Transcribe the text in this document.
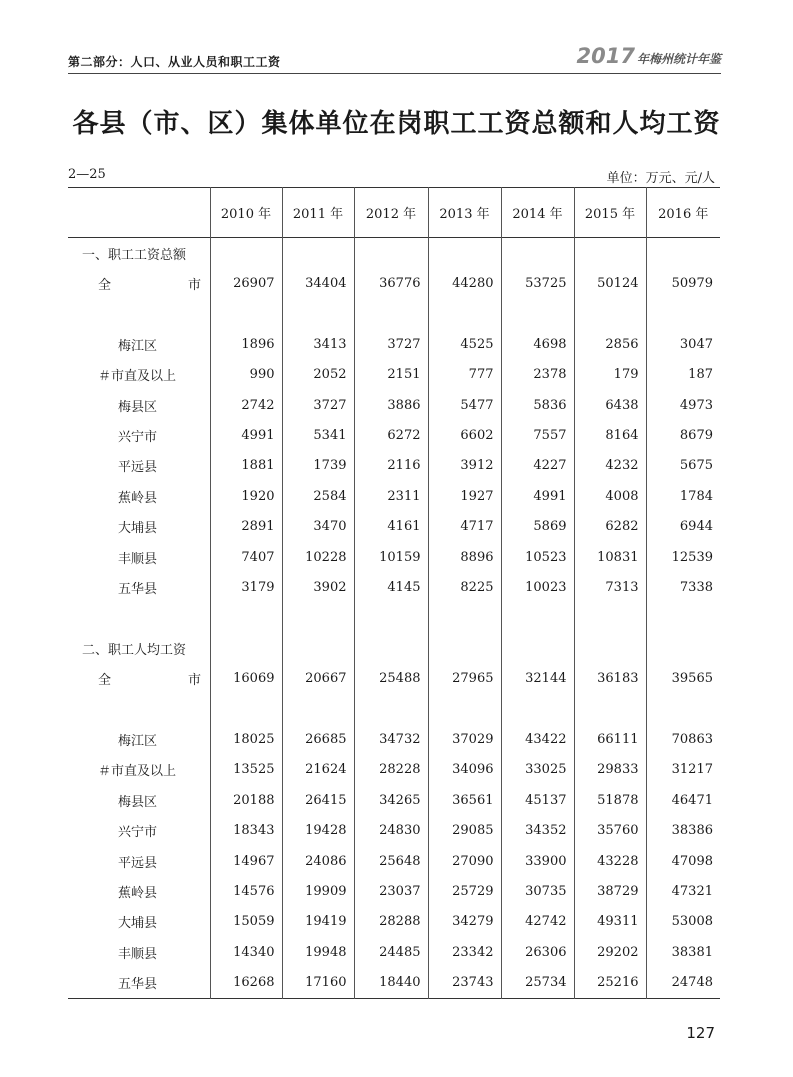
第二部分：人口、从业人员和职工工资	2017 年梅州统计年鉴
各县（市、区）集体单位在岗职工工资总额和人均工资
2—25	单位：万元、元/人
	2010 年	2011 年	2012 年	2013 年	2014 年	2015 年	2016 年
一、职工工资总额							
全 市	26907	34404	36776	44280	53725	50124	50979

梅江区	1896	3413	3727	4525	4698	2856	3047
＃市直及以上	990	2052	2151	777	2378	179	187
梅县区	2742	3727	3886	5477	5836	6438	4973
兴宁市	4991	5341	6272	6602	7557	8164	8679
平远县	1881	1739	2116	3912	4227	4232	5675
蕉岭县	1920	2584	2311	1927	4991	4008	1784
大埔县	2891	3470	4161	4717	5869	6282	6944
丰顺县	7407	10228	10159	8896	10523	10831	12539
五华县	3179	3902	4145	8225	10023	7313	7338

二、职工人均工资							
全 市	16069	20667	25488	27965	32144	36183	39565

梅江区	18025	26685	34732	37029	43422	66111	70863
＃市直及以上	13525	21624	28228	34096	33025	29833	31217
梅县区	20188	26415	34265	36561	45137	51878	46471
兴宁市	18343	19428	24830	29085	34352	35760	38386
平远县	14967	24086	25648	27090	33900	43228	47098
蕉岭县	14576	19909	23037	25729	30735	38729	47321
大埔县	15059	19419	28288	34279	42742	49311	53008
丰顺县	14340	19948	24485	23342	26306	29202	38381
五华县	16268	17160	18440	23743	25734	25216	24748
127
